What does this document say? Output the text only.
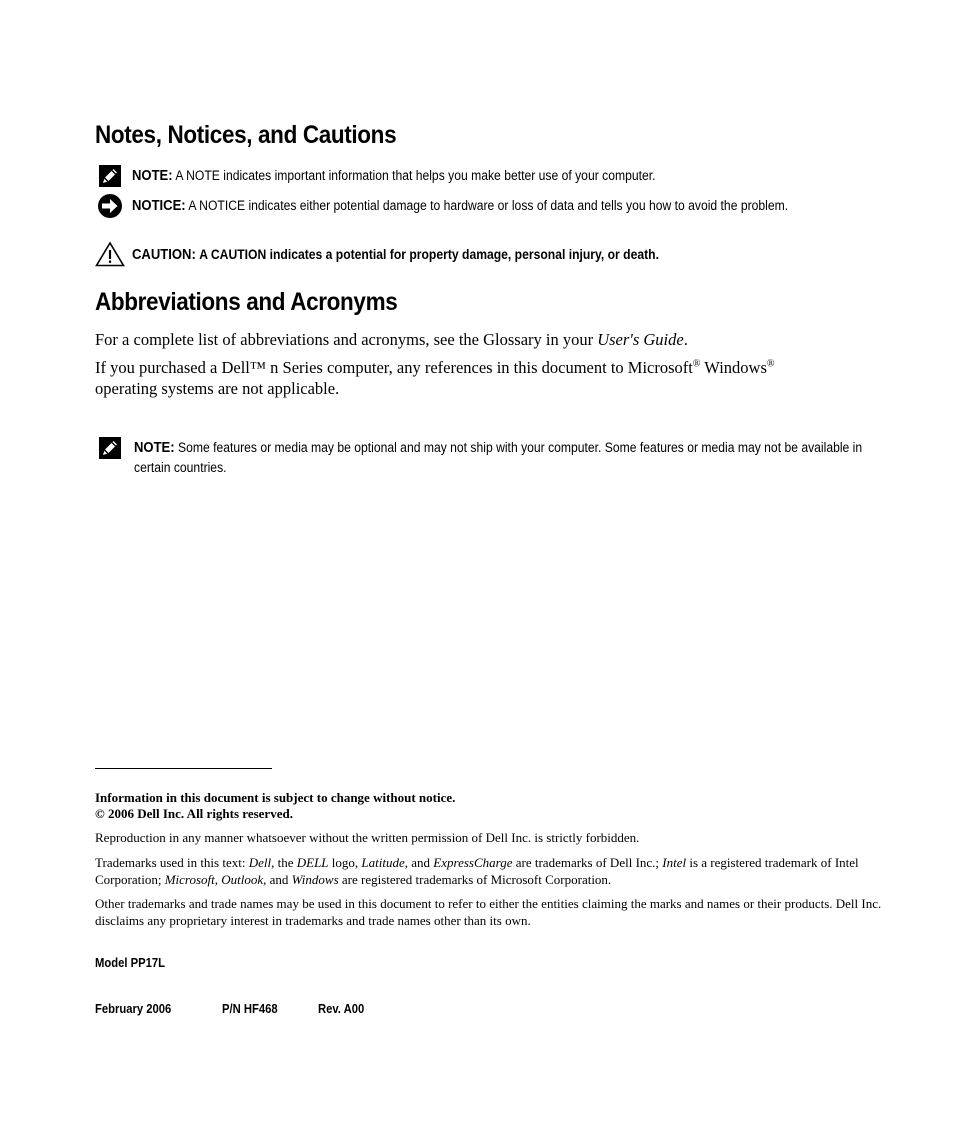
Notes, Notices, and Cautions
NOTE: A NOTE indicates important information that helps you make better use of your computer.
NOTICE: A NOTICE indicates either potential damage to hardware or loss of data and tells you how to avoid the problem.
CAUTION: A CAUTION indicates a potential for property damage, personal injury, or death.
Abbreviations and Acronyms
For a complete list of abbreviations and acronyms, see the Glossary in your User's Guide.
If you purchased a Dell™ n Series computer, any references in this document to Microsoft® Windows®
operating systems are not applicable.
NOTE: Some features or media may be optional and may not ship with your computer. Some features or media may not be available in certain countries.
Information in this document is subject to change without notice.
© 2006 Dell Inc. All rights reserved.
Reproduction in any manner whatsoever without the written permission of Dell Inc. is strictly forbidden.
Trademarks used in this text: Dell, the DELL logo, Latitude, and ExpressCharge are trademarks of Dell Inc.; Intel is a registered trademark of Intel Corporation; Microsoft, Outlook, and Windows are registered trademarks of Microsoft Corporation.
Other trademarks and trade names may be used in this document to refer to either the entities claiming the marks and names or their products. Dell Inc. disclaims any proprietary interest in trademarks and trade names other than its own.
Model PP17L
February 2006	P/N HF468	Rev. A00
